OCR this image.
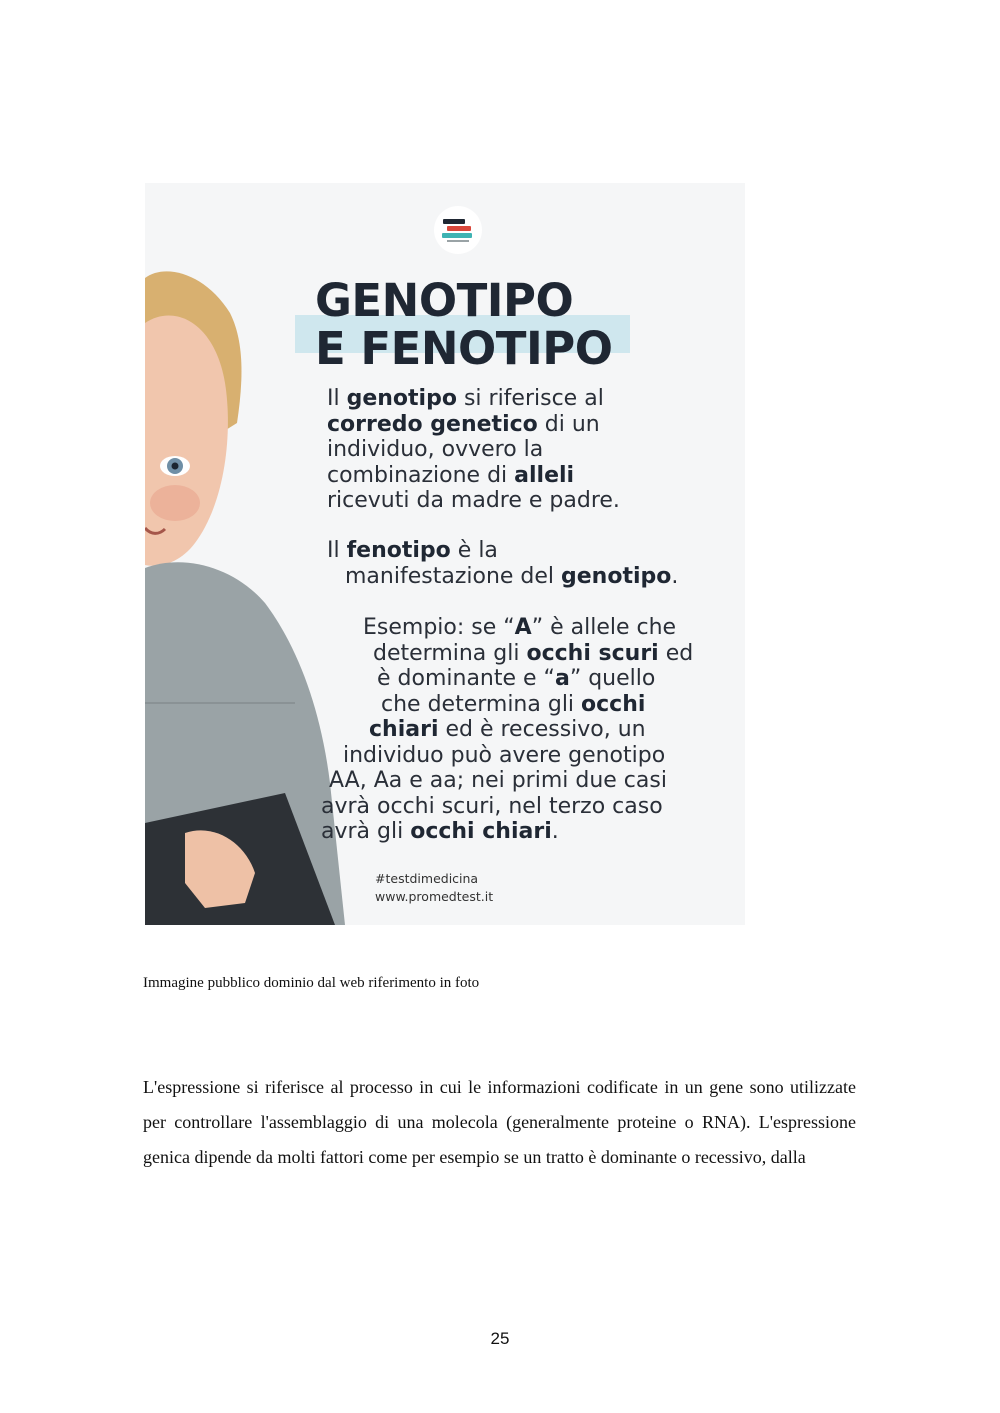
GENOTIPO
E FENOTIPO

Il genotipo si riferisce al
corredo genetico di un
individuo, ovvero la
combinazione di alleli
ricevuti da madre e padre.

Il fenotipo è la
manifestazione del genotipo.

Esempio: se “A” è allele che
determina gli occhi scuri ed
è dominante e “a” quello
che determina gli occhi
chiari ed è recessivo, un
individuo può avere genotipo
AA, Aa e aa; nei primi due casi
avrà occhi scuri, nel terzo caso
avrà gli occhi chiari.

#testdimedicina
www.promedtest.it

Immagine pubblico dominio dal web riferimento in foto

L'espressione si riferisce al processo in cui le informazioni codificate in un gene sono utilizzate per controllare l'assemblaggio di una molecola (generalmente proteine o RNA). L'espressione genica dipende da molti fattori come per esempio se un tratto è dominante o recessivo, dalla

25
